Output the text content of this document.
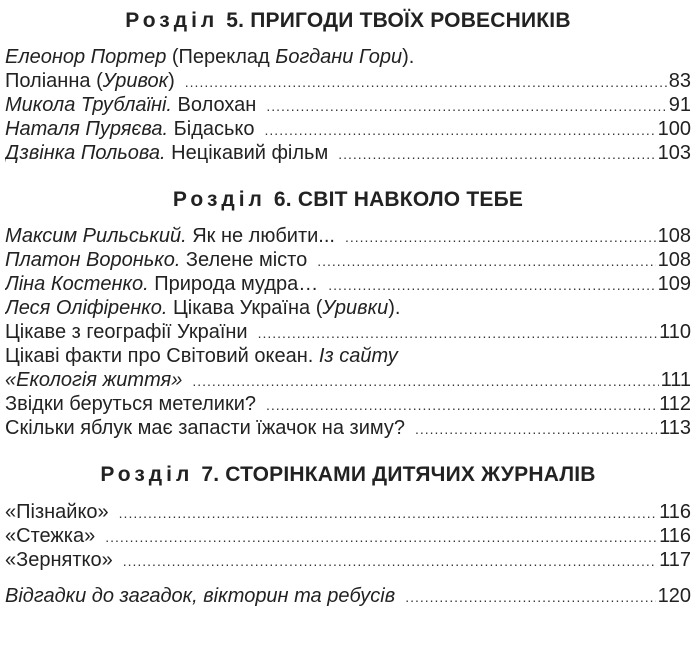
Розділ 5. ПРИГОДИ ТВОЇХ РОВЕСНИКІВ
Елеонор Портер (Переклад Богдани Гори).
Поліанна (Уривок) .....	83
Микола Трублаїні. Волохан .....	91
Наталя Пуряєва. Бідасько .....	100
Дзвінка Польова. Нецікавий фільм .....	103
Розділ 6. СВІТ НАВКОЛО ТЕБЕ
Максим Рильський. Як не любити... .....	108
Платон Воронько. Зелене місто .....	108
Ліна Костенко. Природа мудра… .....	109
Леся Оліфіренко. Цікава Україна (Уривки).
Цікаве з географії України .....	110
Цікаві факти про Світовий океан. Із сайту
«Екологія життя» .....	111
Звідки беруться метелики? .....	112
Скільки яблук має запасти їжачок на зиму? .....	113
Розділ 7. СТОРІНКАМИ ДИТЯЧИХ ЖУРНАЛІВ
«Пізнайко» .....	116
«Стежка» .....	116
«Зернятко» .....	117
Відгадки до загадок, вікторин та ребусів .....	120
